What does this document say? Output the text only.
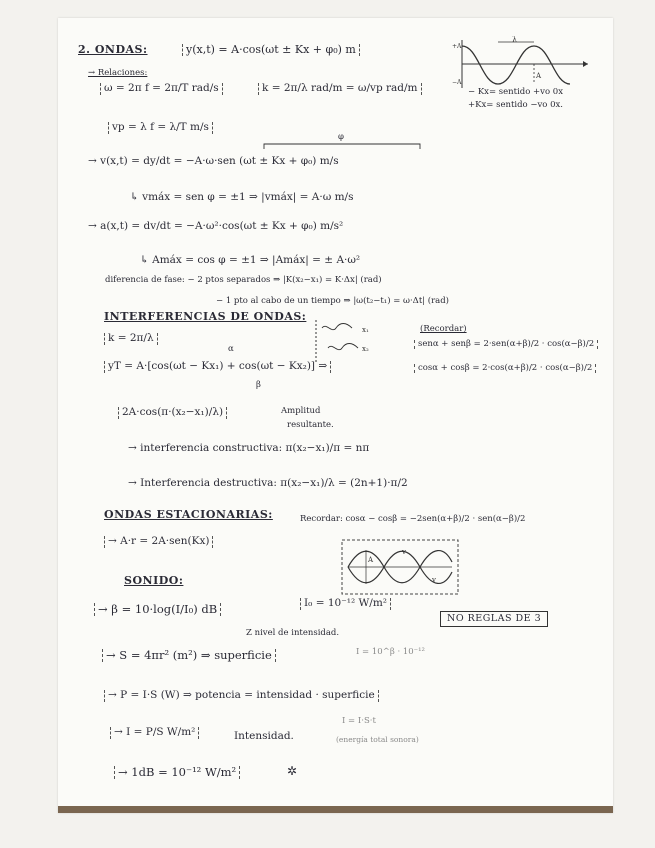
2. ONDAS:	y(x,t) = A·cos(ωt ± Kx + φ₀) m
λ
A
+A
−A
→ Relaciones:
ω = 2π f = 2π/T rad/s	k = 2π/λ rad/m = ω/vp rad/m	− Kx= sentido +vo 0x
+Kx= sentido −vo 0x.
vp = λ f = λ/T m/s
φ
→ v(x,t) = dy/dt = −A·ω·sen (ωt ± Kx + φ₀) m/s
↳ vmáx = sen φ = ±1 ⇒ |vmáx| = A·ω m/s
→ a(x,t) = dv/dt = −A·ω²·cos(ωt ± Kx + φ₀) m/s²
↳ Amáx = cos φ = ±1 ⇒ |Amáx| = ± A·ω²
diferencia de fase: − 2 ptos separados ⇒ |K(x₂−x₁) = K·Δx| (rad)
− 1 pto al cabo de un tiempo ⇒ |ω(t₂−t₁) = ω·Δt| (rad)
INTERFERENCIAS DE ONDAS:
k = 2π/λ
α
yT = A·[cos(ωt − Kx₁) + cos(ωt − Kx₂)] ⇒
β
x₁
x₂
(Recordar)
senα + senβ = 2·sen(α+β)/2 · cos(α−β)/2
cosα + cosβ = 2·cos(α+β)/2 · cos(α−β)/2
2A·cos(π·(x₂−x₁)/λ)	Amplitud
resultante.
→ interferencia constructiva: π(x₂−x₁)/π = nπ
→ Interferencia destructiva: π(x₂−x₁)/λ = (2n+1)·π/2
ONDAS ESTACIONARIAS:	Recordar: cosα − cosβ = −2sen(α+β)/2 · sen(α−β)/2
→ A·r = 2A·sen(Kx)
A
v
v
SONIDO:
→ β = 10·log(I/I₀) dB	I₀ = 10⁻¹² W/m²
NO REGLAS DE 3
Z nivel de intensidad.
→ S = 4πr² (m²) ⇒ superficie	I = 10^β · 10⁻¹²
→ P = I·S (W) ⇒ potencia = intensidad · superficie
→ I = P/S W/m²	Intensidad.
I = I·S·t
(energía total sonora)
→ 1dB = 10⁻¹² W/m²	✲
